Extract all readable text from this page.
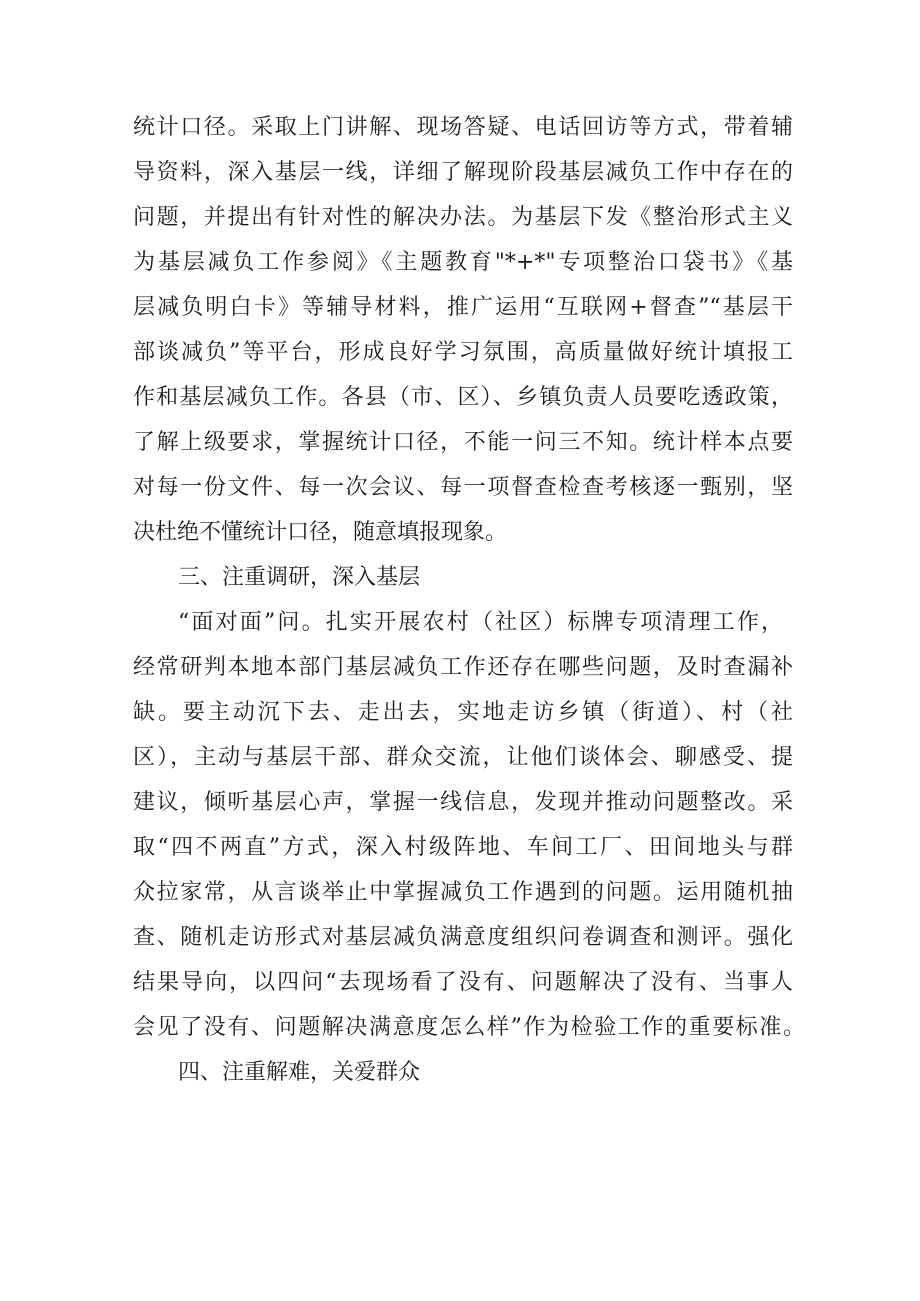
统计口径。采取上门讲解、现场答疑、电话回访等方式，带着辅

导资料，深入基层一线，详细了解现阶段基层减负工作中存在的

问题，并提出有针对性的解决办法。为基层下发《整治形式主义

为基层减负工作参阅》《主题教育"*+*"专项整治口袋书》《基

层减负明白卡》等辅导材料，推广运用“互联网+督查”“基层干

部谈减负”等平台，形成良好学习氛围，高质量做好统计填报工

作和基层减负工作。各县（市、区）、乡镇负责人员要吃透政策，

了解上级要求，掌握统计口径，不能一问三不知。统计样本点要

对每一份文件、每一次会议、每一项督查检查考核逐一甄别，坚

决杜绝不懂统计口径，随意填报现象。

三、注重调研，深入基层

“面对面”问。扎实开展农村（社区）标牌专项清理工作，

经常研判本地本部门基层减负工作还存在哪些问题，及时查漏补

缺。要主动沉下去、走出去，实地走访乡镇（街道）、村（社

区），主动与基层干部、群众交流，让他们谈体会、聊感受、提

建议，倾听基层心声，掌握一线信息，发现并推动问题整改。采

取“四不两直”方式，深入村级阵地、车间工厂、田间地头与群

众拉家常，从言谈举止中掌握减负工作遇到的问题。运用随机抽

查、随机走访形式对基层减负满意度组织问卷调查和测评。强化

结果导向，以四问“去现场看了没有、问题解决了没有、当事人

会见了没有、问题解决满意度怎么样”作为检验工作的重要标准。

四、注重解难，关爱群众
